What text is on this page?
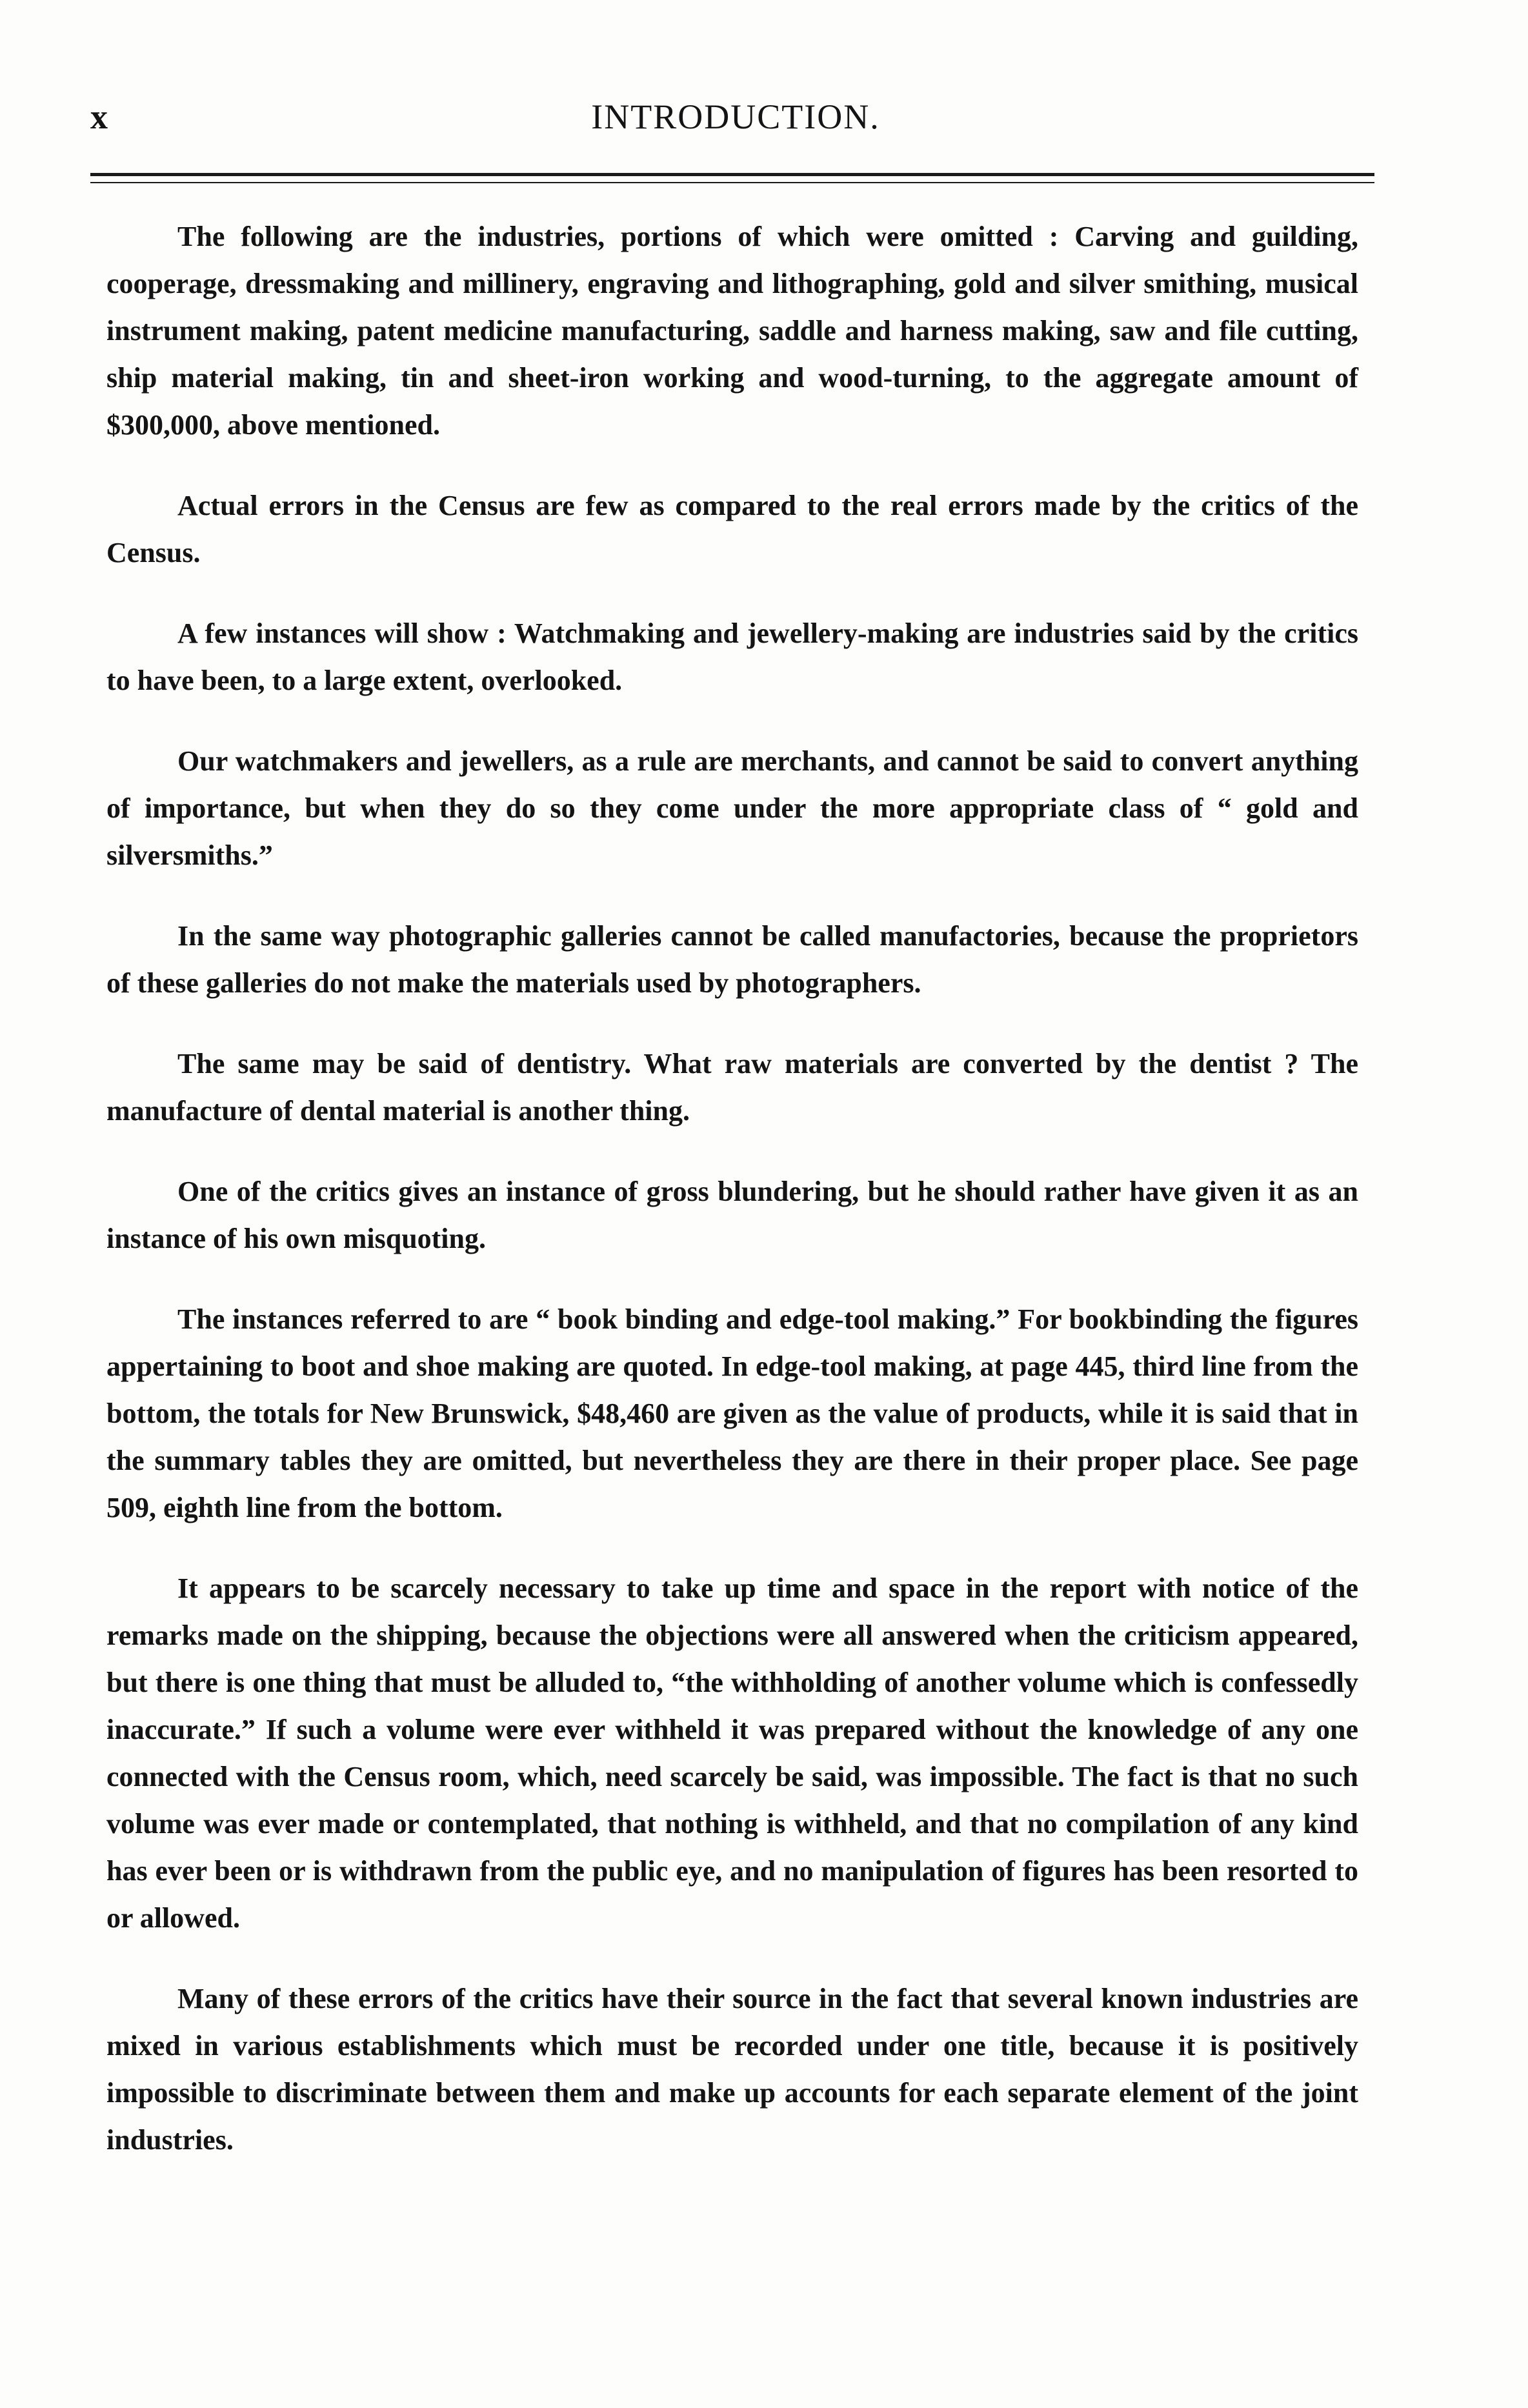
x	INTRODUCTION.

The following are the industries, portions of which were omitted : Carving and guilding, cooperage, dressmaking and millinery, engraving and lithographing, gold and silver smithing, musical instrument making, patent medicine manufacturing, saddle and harness making, saw and file cutting, ship material making, tin and sheet-iron working and wood-turning, to the aggregate amount of $300,000, above mentioned.

Actual errors in the Census are few as compared to the real errors made by the critics of the Census.

A few instances will show : Watchmaking and jewellery-making are industries said by the critics to have been, to a large extent, overlooked.

Our watchmakers and jewellers, as a rule are merchants, and cannot be said to convert anything of importance, but when they do so they come under the more appropriate class of “ gold and silversmiths.”

In the same way photographic galleries cannot be called manufactories, because the proprietors of these galleries do not make the materials used by photographers.

The same may be said of dentistry. What raw materials are converted by the dentist ? The manufacture of dental material is another thing.

One of the critics gives an instance of gross blundering, but he should rather have given it as an instance of his own misquoting.

The instances referred to are “ book binding and edge-tool making.” For bookbinding the figures appertaining to boot and shoe making are quoted. In edge-tool making, at page 445, third line from the bottom, the totals for New Brunswick, $48,460 are given as the value of products, while it is said that in the summary tables they are omitted, but nevertheless they are there in their proper place. See page 509, eighth line from the bottom.

It appears to be scarcely necessary to take up time and space in the report with notice of the remarks made on the shipping, because the objections were all answered when the criticism appeared, but there is one thing that must be alluded to, “the withholding of another volume which is confessedly inaccurate.” If such a volume were ever withheld it was prepared without the knowledge of any one connected with the Census room, which, need scarcely be said, was impossible. The fact is that no such volume was ever made or contemplated, that nothing is withheld, and that no compilation of any kind has ever been or is withdrawn from the public eye, and no manipulation of figures has been resorted to or allowed.

Many of these errors of the critics have their source in the fact that several known industries are mixed in various establishments which must be recorded under one title, because it is positively impossible to discriminate between them and make up accounts for each separate element of the joint industries.
